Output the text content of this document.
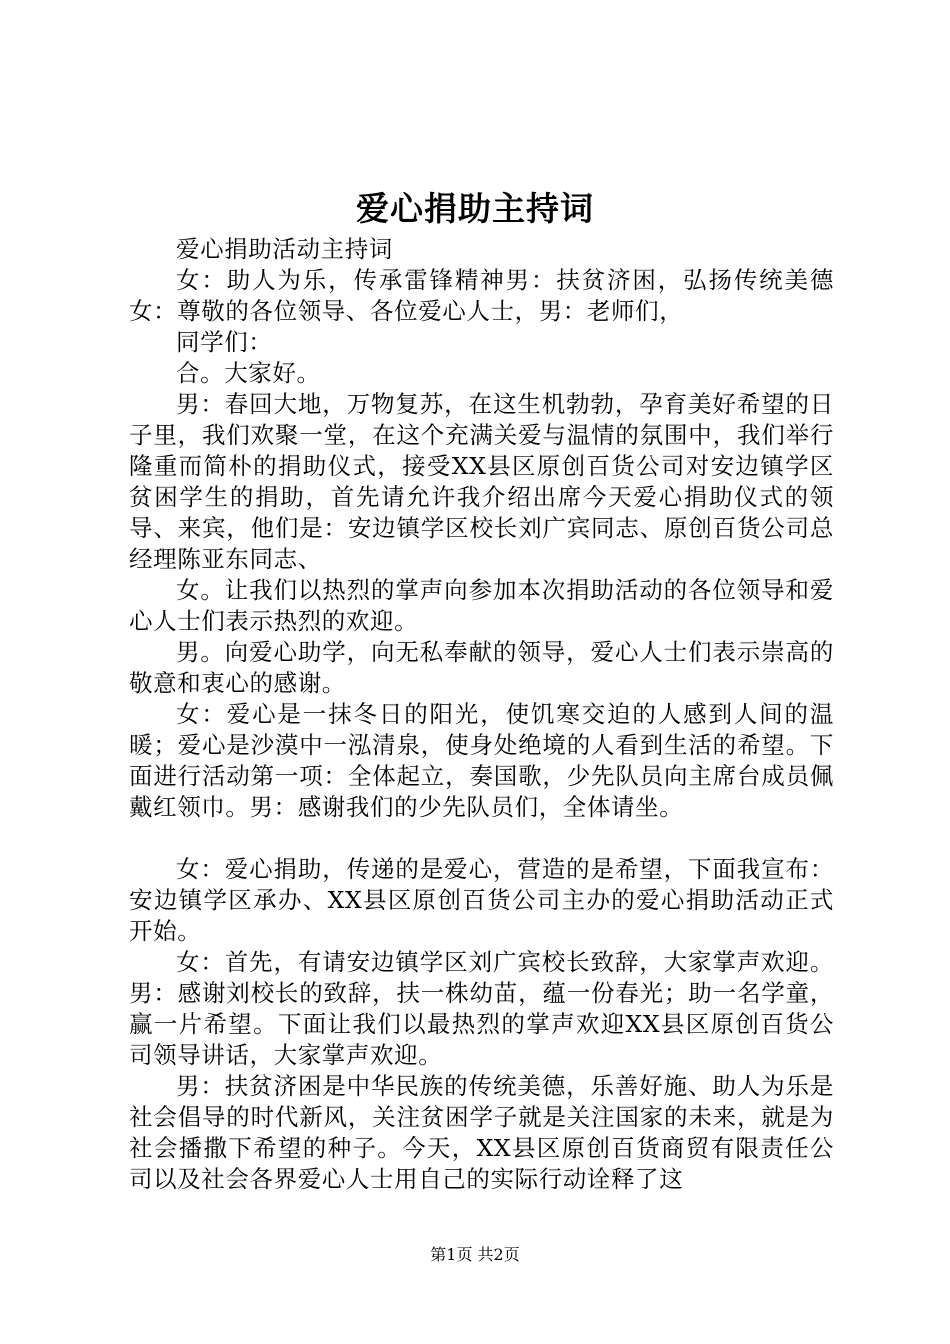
爱心捐助主持词

爱心捐助活动主持词

女：助人为乐，传承雷锋精神男：扶贫济困，弘扬传统美德女：尊敬的各位领导、各位爱心人士，男：老师们，

同学们：

合。大家好。

男：春回大地，万物复苏，在这生机勃勃，孕育美好希望的日子里，我们欢聚一堂，在这个充满关爱与温情的氛围中，我们举行隆重而简朴的捐助仪式，接受XX县区原创百货公司对安边镇学区贫困学生的捐助，首先请允许我介绍出席今天爱心捐助仪式的领导、来宾，他们是：安边镇学区校长刘广宾同志、原创百货公司总经理陈亚东同志、

女。让我们以热烈的掌声向参加本次捐助活动的各位领导和爱心人士们表示热烈的欢迎。

男。向爱心助学，向无私奉献的领导，爱心人士们表示崇高的敬意和衷心的感谢。

女：爱心是一抹冬日的阳光，使饥寒交迫的人感到人间的温暖；爱心是沙漠中一泓清泉，使身处绝境的人看到生活的希望。下面进行活动第一项：全体起立，奏国歌，少先队员向主席台成员佩戴红领巾。男：感谢我们的少先队员们，全体请坐。

女：爱心捐助，传递的是爱心，营造的是希望，下面我宣布：安边镇学区承办、XX县区原创百货公司主办的爱心捐助活动正式开始。

女：首先，有请安边镇学区刘广宾校长致辞，大家掌声欢迎。男：感谢刘校长的致辞，扶一株幼苗，蕴一份春光；助一名学童，赢一片希望。下面让我们以最热烈的掌声欢迎XX县区原创百货公司领导讲话，大家掌声欢迎。

男：扶贫济困是中华民族的传统美德，乐善好施、助人为乐是社会倡导的时代新风，关注贫困学子就是关注国家的未来，就是为社会播撒下希望的种子。今天，XX县区原创百货商贸有限责任公司以及社会各界爱心人士用自己的实际行动诠释了这

第1页 共2页
